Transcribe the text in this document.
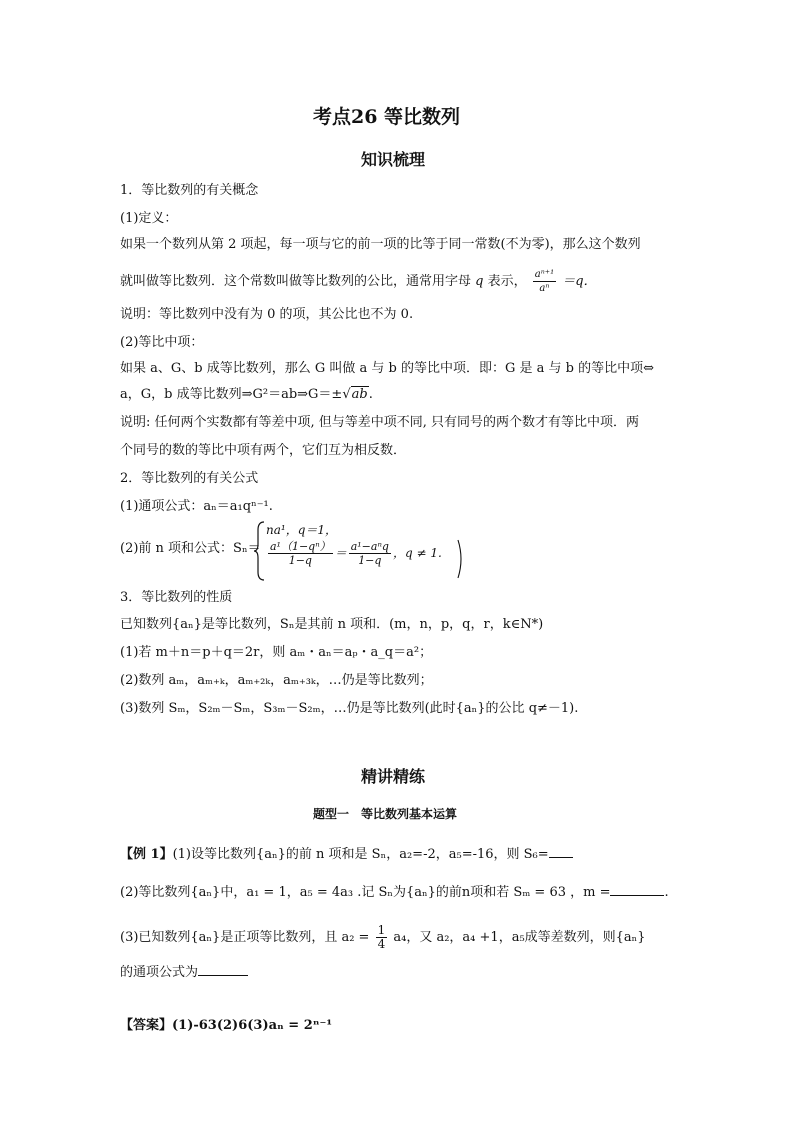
考点26 等比数列
知识梳理
1．等比数列的有关概念
(1)定义：
如果一个数列从第 2 项起，每一项与它的前一项的比等于同一常数(不为零)，那么这个数列
就叫做等比数列．这个常数叫做等比数列的公比，通常用字母 q 表示， $\frac{\text{aⁿ⁺¹}}{\text{aⁿ}} =q$．
说明：等比数列中没有为 0 的项，其公比也不为 0.
(2)等比中项：
如果 a、G、b 成等比数列，那么 G 叫做 a 与 b 的等比中项．即：G 是 a 与 b 的等比中项⇔
a，G，b 成等比数列⇒G²＝ab⇒G＝±√ab.
说明: 任何两个实数都有等差中项, 但与等差中项不同, 只有同号的两个数才有等比中项．两
个同号的数的等比中项有两个，它们互为相反数．
2．等比数列的有关公式
(1)通项公式：aₙ＝a₁qⁿ⁻¹.
(2)前 n 项和公式：Sₙ＝
na¹，q＝1，
$\frac{\text{a¹（1−qⁿ）}}{1-q} = \frac{\text{a¹−aⁿq}}{1-q}$ ，q ≠ 1.
3．等比数列的性质
已知数列{aₙ}是等比数列，Sₙ是其前 n 项和．(m，n，p，q，r，k∈N*)
(1)若 m＋n＝p＋q＝2r，则 aₘ・aₙ＝aₚ・a_q＝a²；
(2)数列 aₘ，aₘ₊ₖ，aₘ₊₂ₖ，aₘ₊₃ₖ，…仍是等比数列；
(3)数列 Sₘ，S₂ₘ－Sₘ，S₃ₘ－S₂ₘ，…仍是等比数列(此时{aₙ}的公比 q≠－1).
精讲精练
题型一　等比数列基本运算
【例 1】(1)设等比数列{aₙ}的前 n 项和是 Sₙ，a₂=-2，a₅=-16，则 S₆=
(2)等比数列{aₙ}中，a₁ = 1，a₅ = 4a₃ .记 Sₙ为{aₙ}的前n项和若 Sₘ = 63 ，m =	.
(3)已知数列{aₙ}是正项等比数列，且 $a_2 = \frac{1}{4} a_4$，又 a₂，a₄ +1，a₅成等差数列，则{aₙ}
的通项公式为
【答案】(1)-63(2)6(3)aₙ = 2ⁿ⁻¹
